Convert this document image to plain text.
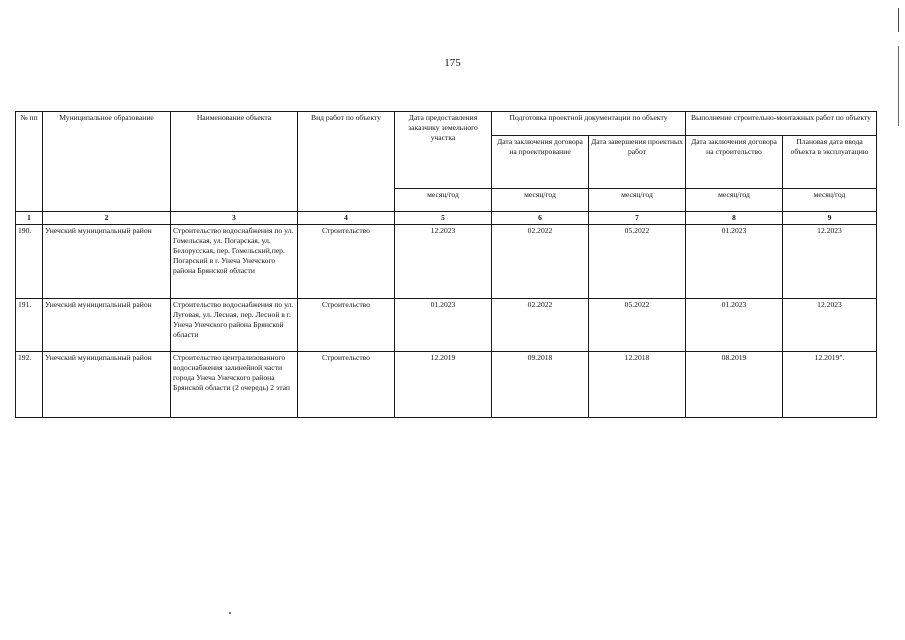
175
№ пп	Муниципальное образование	Наименование объекта	Вид работ по объекту	Дата предоставления заказчику земельного участка	Подготовка проектной документации по объекту		Выполнение строительно-монтажных работ по объекту	
					Дата заключения договора на проектирование	Дата завершения проектных работ	Дата заключения договора на строительство	Плановая дата ввода объекта в эксплуатацию
				месяц/год	месяц/год	месяц/год	месяц/год	месяц/год
1	2	3	4	5	6	7	8	9
190.	Унечский муниципальный район	Строительство водоснабжения по ул. Гомельская, ул. Погарская, ул. Белорусская, пер. Гомельский,пер. Погарский в г. Унеча Унечского района Брянской области	Строительство	12.2023	02.2022	05.2022	01.2023	12.2023
191.	Унечский муниципальный район	Строительство водоснабжения по ул. Луговая, ул. Лесная, пер. Лесной в г. Унеча Унечского района Брянской области	Строительство	01.2023	02.2022	05.2022	01.2023	12.2023
192.	Унечский муниципальный район	Строительство централизованного водоснабжения залинейной части города Унеча Унечского района Брянской области (2 очередь) 2 этап	Строительство	12.2019	09.2018	12.2018	08.2019	12.2019".
